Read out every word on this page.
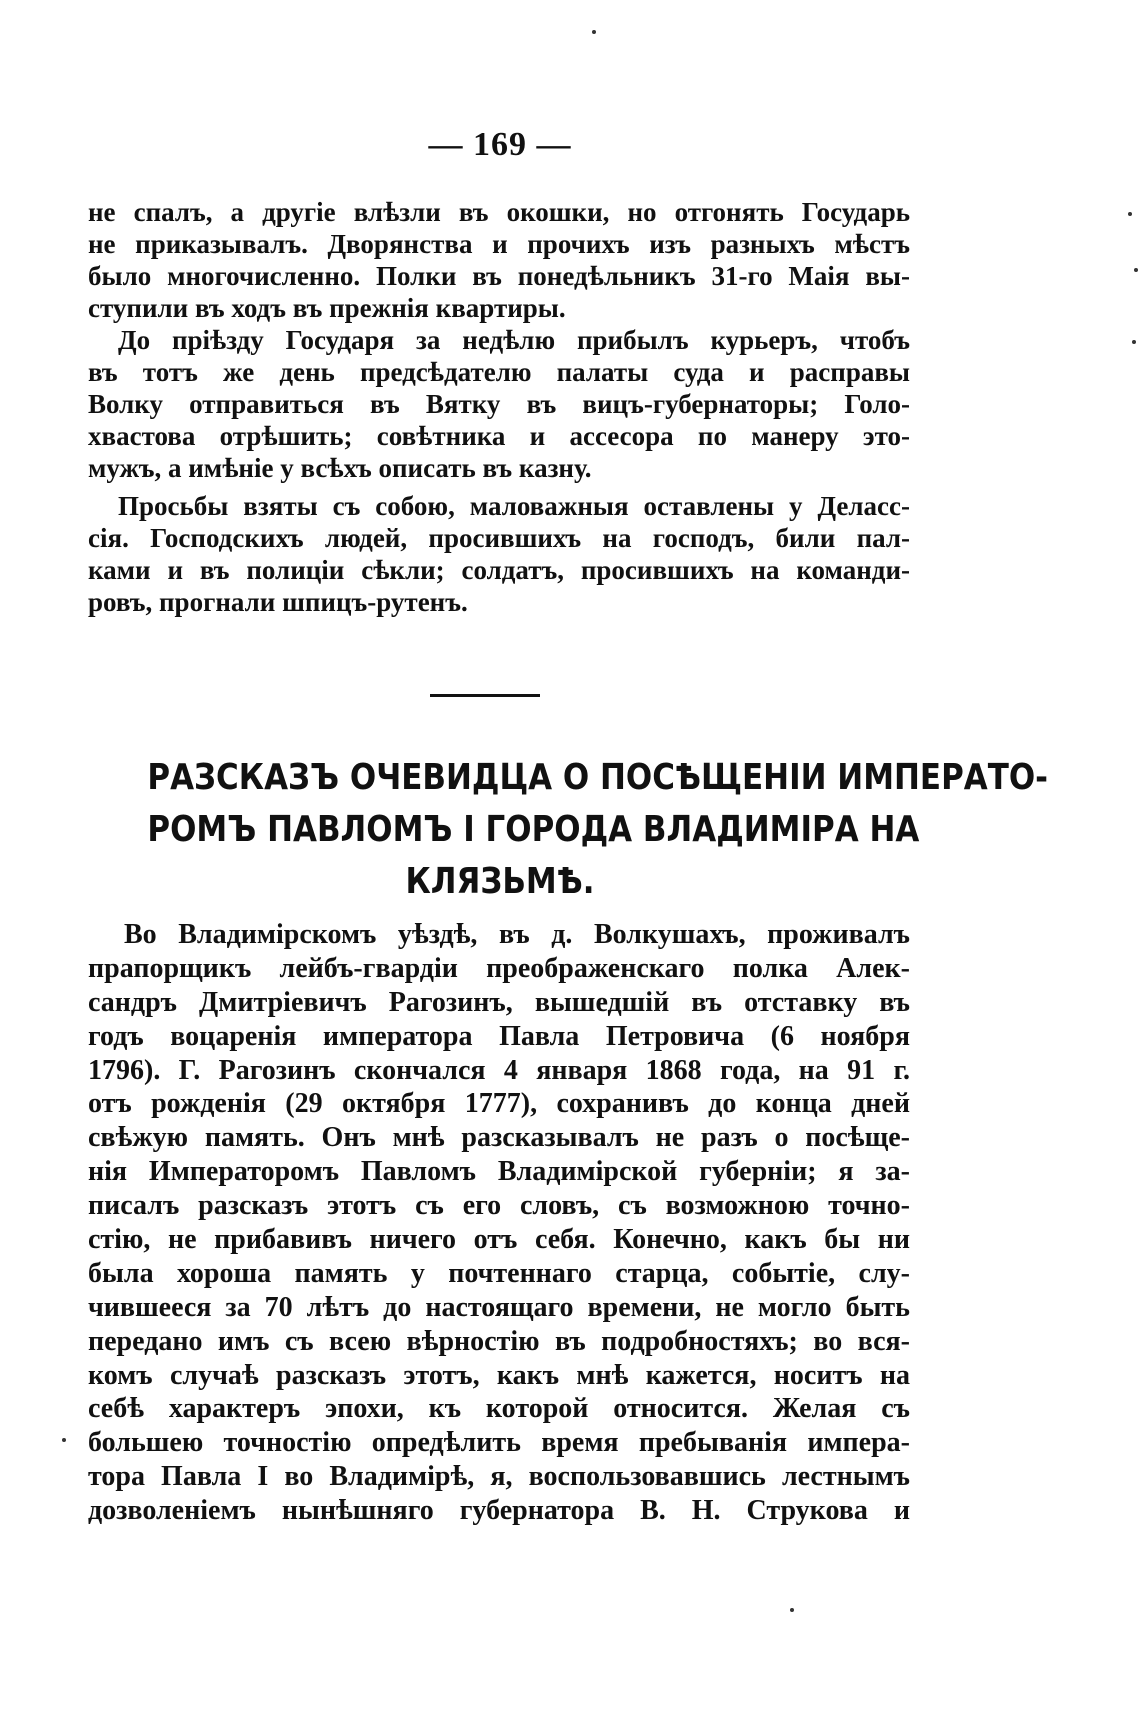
— 169 —
не спалъ, а другіе влѣзли въ окошки, но отгонять Государь
не приказывалъ. Дворянства и прочихъ изъ разныхъ мѣстъ
было многочисленно. Полки въ понедѣльникъ 31-го Маія вы-
ступили въ ходъ въ прежнія квартиры.
До пріѣзду Государя за недѣлю прибылъ курьеръ, чтобъ
въ тотъ же день предсѣдателю палаты суда и расправы
Волку отправиться въ Вятку въ вицъ-губернаторы; Голо-
хвастова отрѣшить; совѣтника и ассесора по манеру это-
мужъ, а имѣніе у всѣхъ описать въ казну.
Просьбы взяты съ собою, маловажныя оставлены у Деласс-
сія. Господскихъ людей, просившихъ на господъ, били пал-
ками и въ полиціи сѣкли; солдатъ, просившихъ на команди-
ровъ, прогнали шпицъ-рутенъ.
РАЗСКАЗЪ ОЧЕВИДЦА О ПОСѢЩЕНІИ ИМПЕРАТО-
РОМЪ ПАВЛОМЪ І ГОРОДА ВЛАДИМІРА НА
КЛЯЗЬМѢ.
Во Владимірскомъ уѣздѣ, въ д. Волкушахъ, проживалъ
прапорщикъ лейбъ-гвардіи преображенскаго полка Алек-
сандръ Дмитріевичъ Рагозинъ, вышедшій въ отставку въ
годъ воцаренія императора Павла Петровича (6 ноября
1796). Г. Рагозинъ скончался 4 января 1868 года, на 91 г.
отъ рожденія (29 октября 1777), сохранивъ до конца дней
свѣжую память. Онъ мнѣ разсказывалъ не разъ о посѣще-
нія Императоромъ Павломъ Владимірской губерніи; я за-
писалъ разсказъ этотъ съ его словъ, съ возможною точно-
стію, не прибавивъ ничего отъ себя. Конечно, какъ бы ни
была хороша память у почтеннаго старца, событіе, слу-
чившееся за 70 лѣтъ до настоящаго времени, не могло быть
передано имъ съ всею вѣрностію въ подробностяхъ; во вся-
комъ случаѣ разсказъ этотъ, какъ мнѣ кажется, носитъ на
себѣ характеръ эпохи, къ которой относится. Желая съ
большею точностію опредѣлить время пребыванія импера-
тора Павла І во Владимірѣ, я, воспользовавшись лестнымъ
дозволеніемъ нынѣшняго губернатора В. Н. Струкова и
